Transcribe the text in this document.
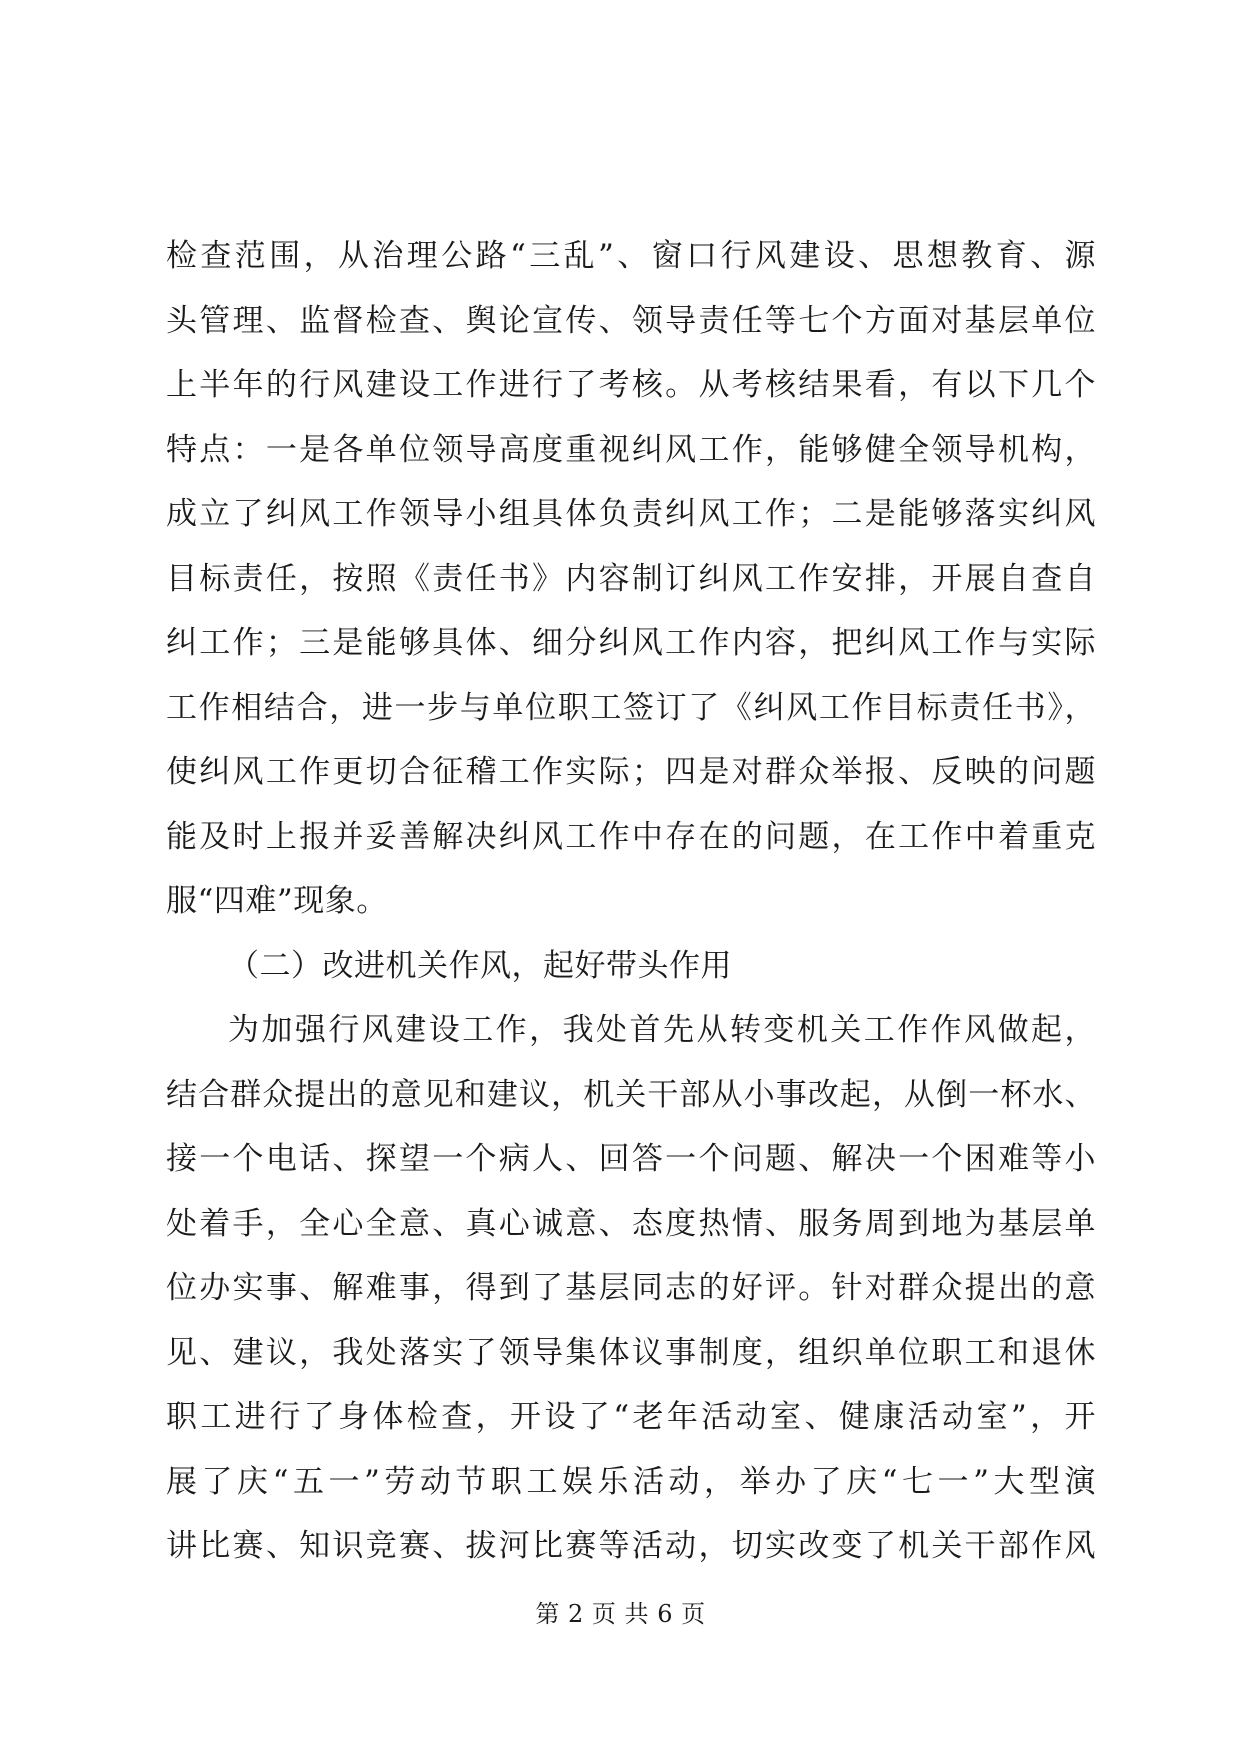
检查范围，从治理公路“三乱”、窗口行风建设、思想教育、源
头管理、监督检查、舆论宣传、领导责任等七个方面对基层单位
上半年的行风建设工作进行了考核。从考核结果看，有以下几个
特点：一是各单位领导高度重视纠风工作，能够健全领导机构，
成立了纠风工作领导小组具体负责纠风工作；二是能够落实纠风
目标责任，按照《责任书》内容制订纠风工作安排，开展自查自
纠工作；三是能够具体、细分纠风工作内容，把纠风工作与实际
工作相结合，进一步与单位职工签订了《纠风工作目标责任书》，
使纠风工作更切合征稽工作实际；四是对群众举报、反映的问题
能及时上报并妥善解决纠风工作中存在的问题，在工作中着重克
服“四难”现象。
（二）改进机关作风，起好带头作用
为加强行风建设工作，我处首先从转变机关工作作风做起，
结合群众提出的意见和建议，机关干部从小事改起，从倒一杯水、
接一个电话、探望一个病人、回答一个问题、解决一个困难等小
处着手，全心全意、真心诚意、态度热情、服务周到地为基层单
位办实事、解难事，得到了基层同志的好评。针对群众提出的意
见、建议，我处落实了领导集体议事制度，组织单位职工和退休
职工进行了身体检查，开设了“老年活动室、健康活动室”，开
展了庆“五一”劳动节职工娱乐活动，举办了庆“七一”大型演
讲比赛、知识竞赛、拔河比赛等活动，切实改变了机关干部作风
第 2 页 共 6 页
